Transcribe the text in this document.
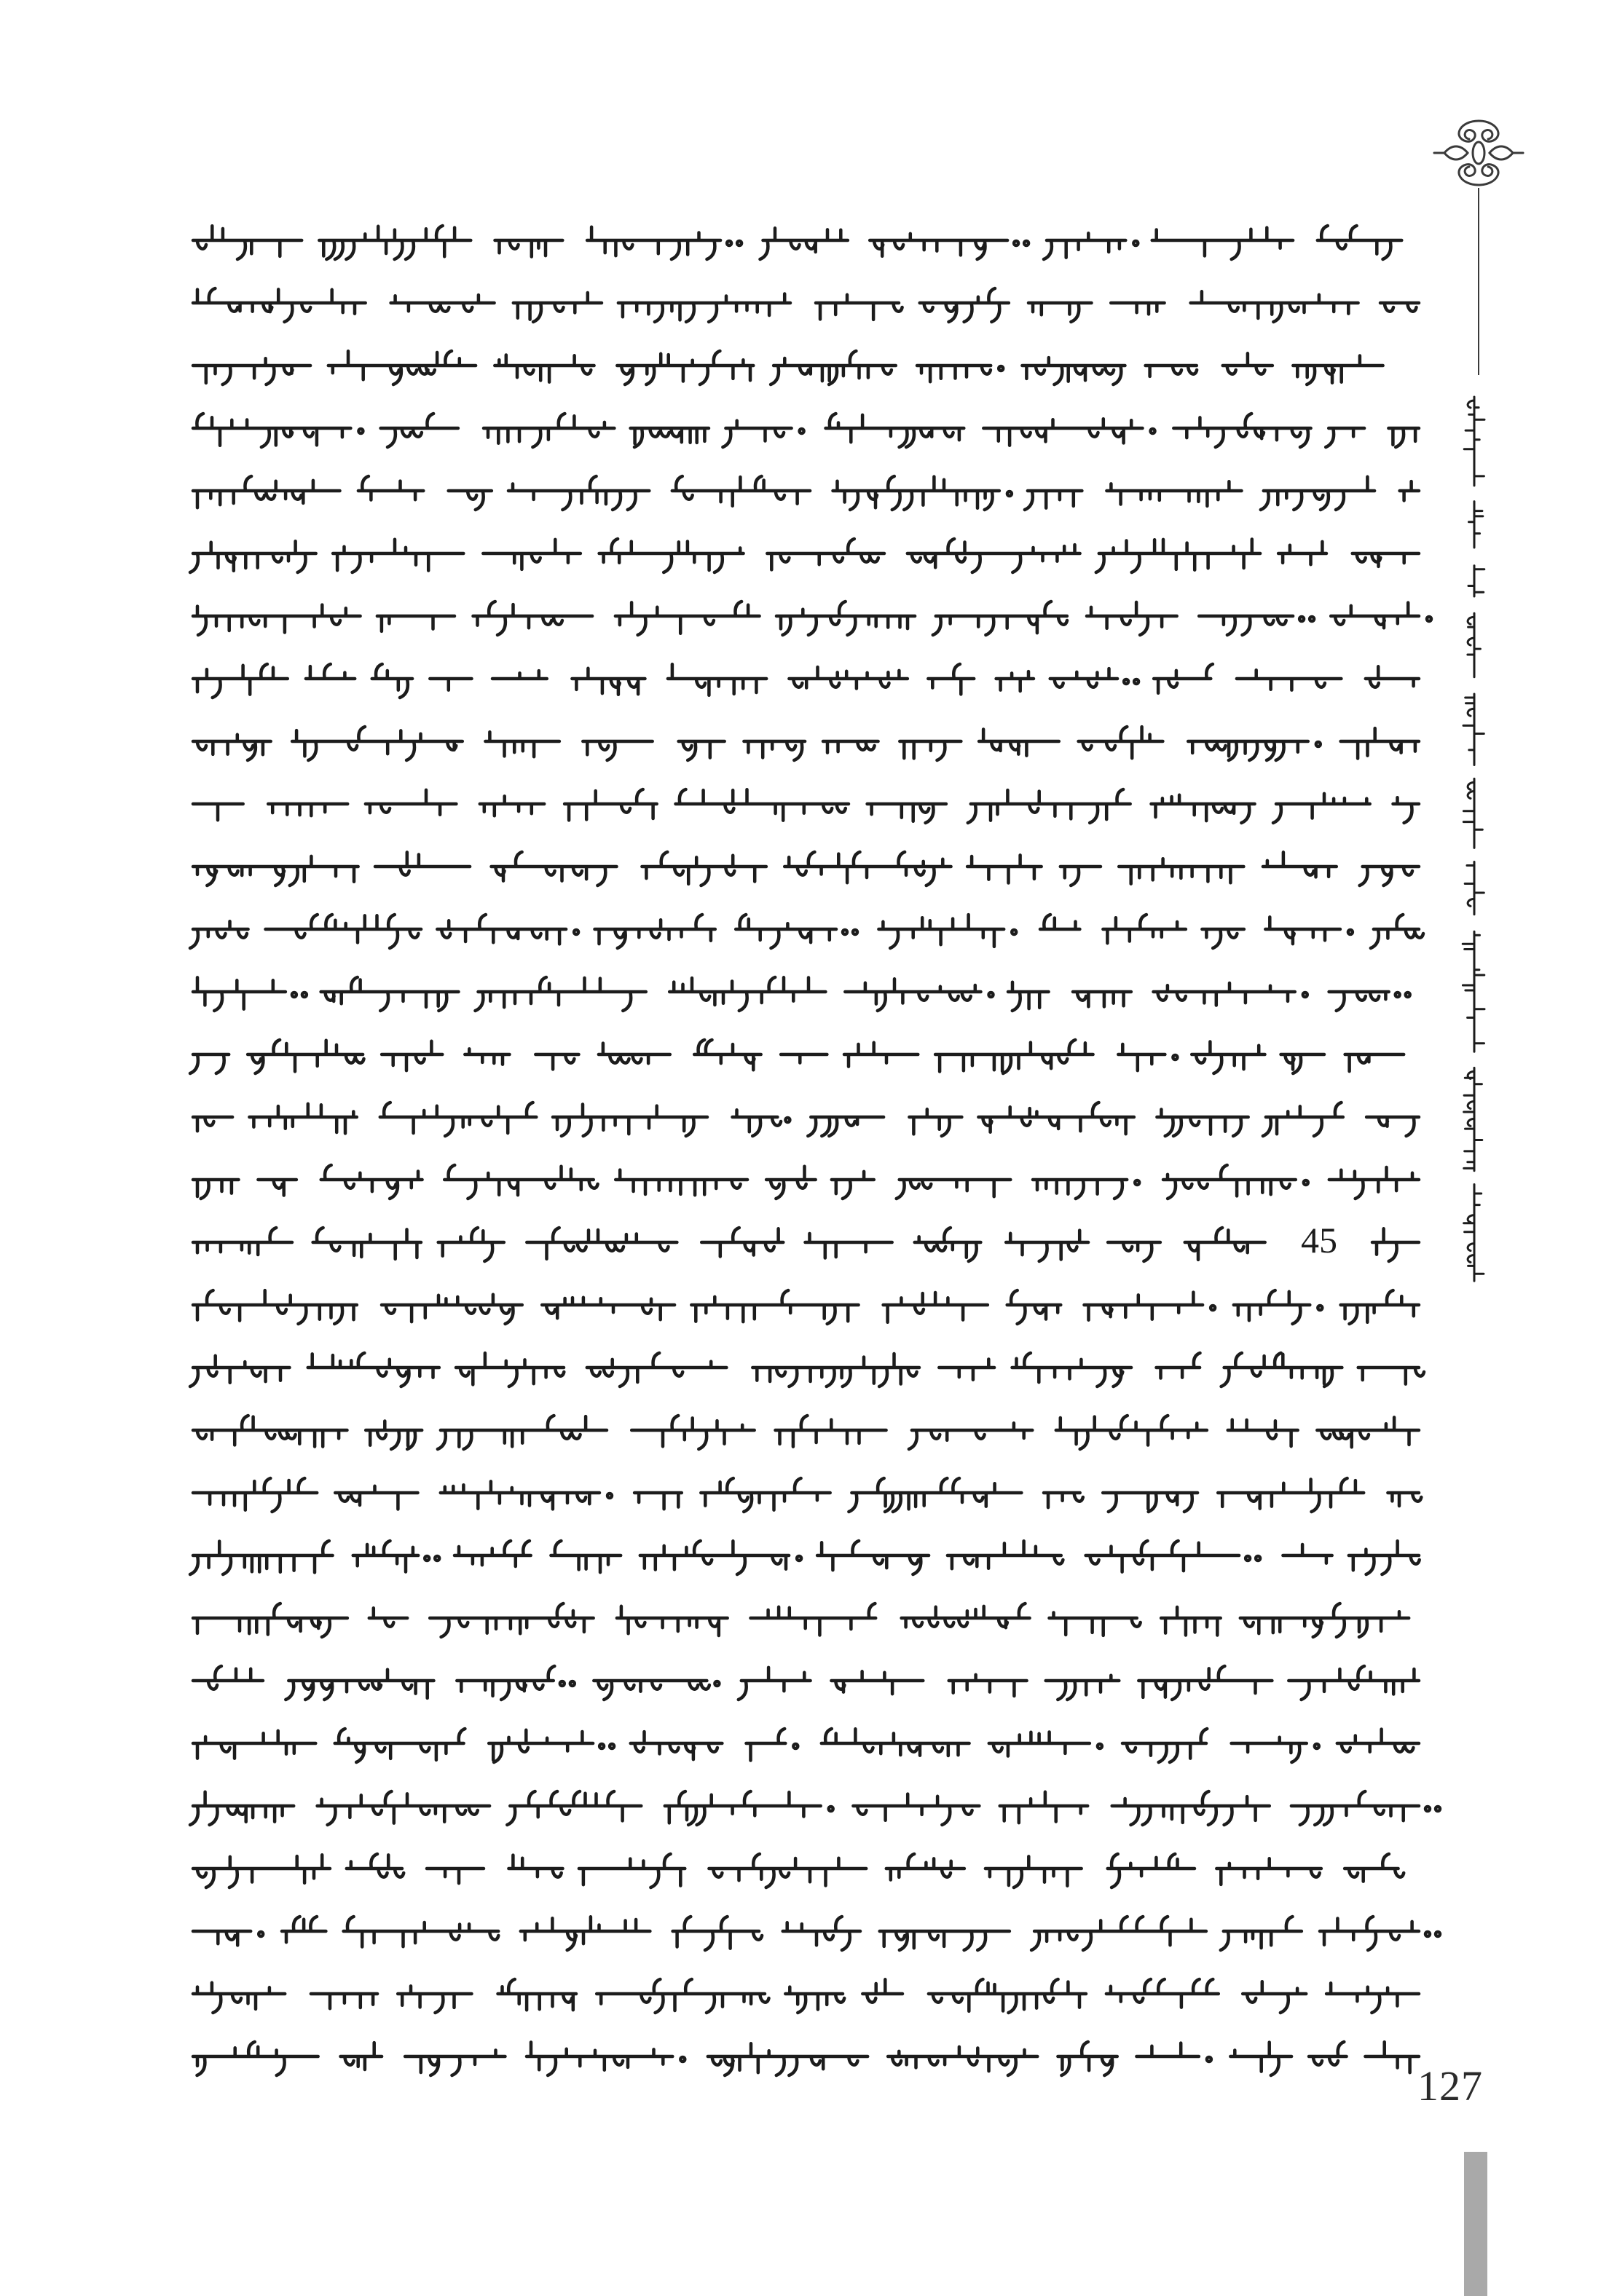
45
127
